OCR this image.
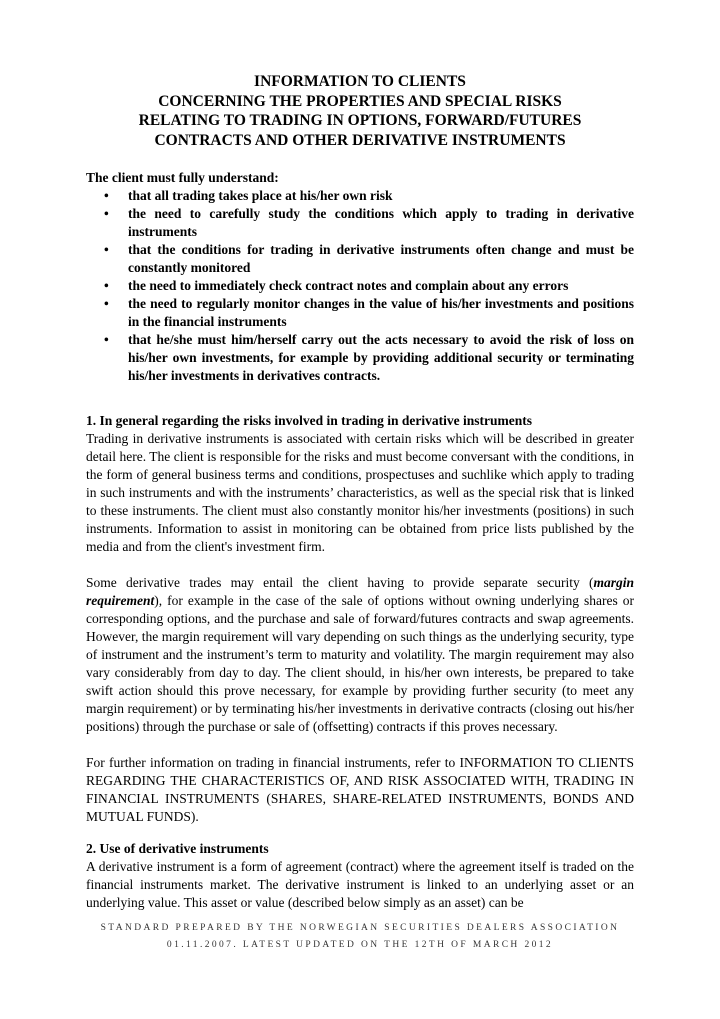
INFORMATION TO CLIENTS
CONCERNING THE PROPERTIES AND SPECIAL RISKS
RELATING TO TRADING IN OPTIONS, FORWARD/FUTURES
CONTRACTS AND OTHER DERIVATIVE INSTRUMENTS
The client must fully understand:
• that all trading takes place at his/her own risk
• the need to carefully study the conditions which apply to trading in derivative instruments
• that the conditions for trading in derivative instruments often change and must be constantly monitored
• the need to immediately check contract notes and complain about any errors
• the need to regularly monitor changes in the value of his/her investments and positions in the financial instruments
• that he/she must him/herself carry out the acts necessary to avoid the risk of loss on his/her own investments, for example by providing additional security or terminating his/her investments in derivatives contracts.
1. In general regarding the risks involved in trading in derivative instruments

Trading in derivative instruments is associated with certain risks which will be described in greater detail here. The client is responsible for the risks and must become conversant with the conditions, in the form of general business terms and conditions, prospectuses and suchlike which apply to trading in such instruments and with the instruments’ characteristics, as well as the special risk that is linked to these instruments. The client must also constantly monitor his/her investments (positions) in such instruments. Information to assist in monitoring can be obtained from price lists published by the media and from the client's investment firm.

Some derivative trades may entail the client having to provide separate security (margin requirement), for example in the case of the sale of options without owning underlying shares or corresponding options, and the purchase and sale of forward/futures contracts and swap agreements. However, the margin requirement will vary depending on such things as the underlying security, type of instrument and the instrument’s term to maturity and volatility. The margin requirement may also vary considerably from day to day. The client should, in his/her own interests, be prepared to take swift action should this prove necessary, for example by providing further security (to meet any margin requirement) or by terminating his/her investments in derivative contracts (closing out his/her positions) through the purchase or sale of (offsetting) contracts if this proves necessary.

For further information on trading in financial instruments, refer to INFORMATION TO CLIENTS REGARDING THE CHARACTERISTICS OF, AND RISK ASSOCIATED WITH, TRADING IN FINANCIAL INSTRUMENTS (SHARES, SHARE-RELATED INSTRUMENTS, BONDS AND MUTUAL FUNDS).

2. Use of derivative instruments

A derivative instrument is a form of agreement (contract) where the agreement itself is traded on the financial instruments market. The derivative instrument is linked to an underlying asset or an underlying value. This asset or value (described below simply as an asset) can be

STANDARD PREPARED BY THE NORWEGIAN SECURITIES DEALERS ASSOCIATION
01.11.2007. LATEST UPDATED ON THE 12TH OF MARCH 2012
